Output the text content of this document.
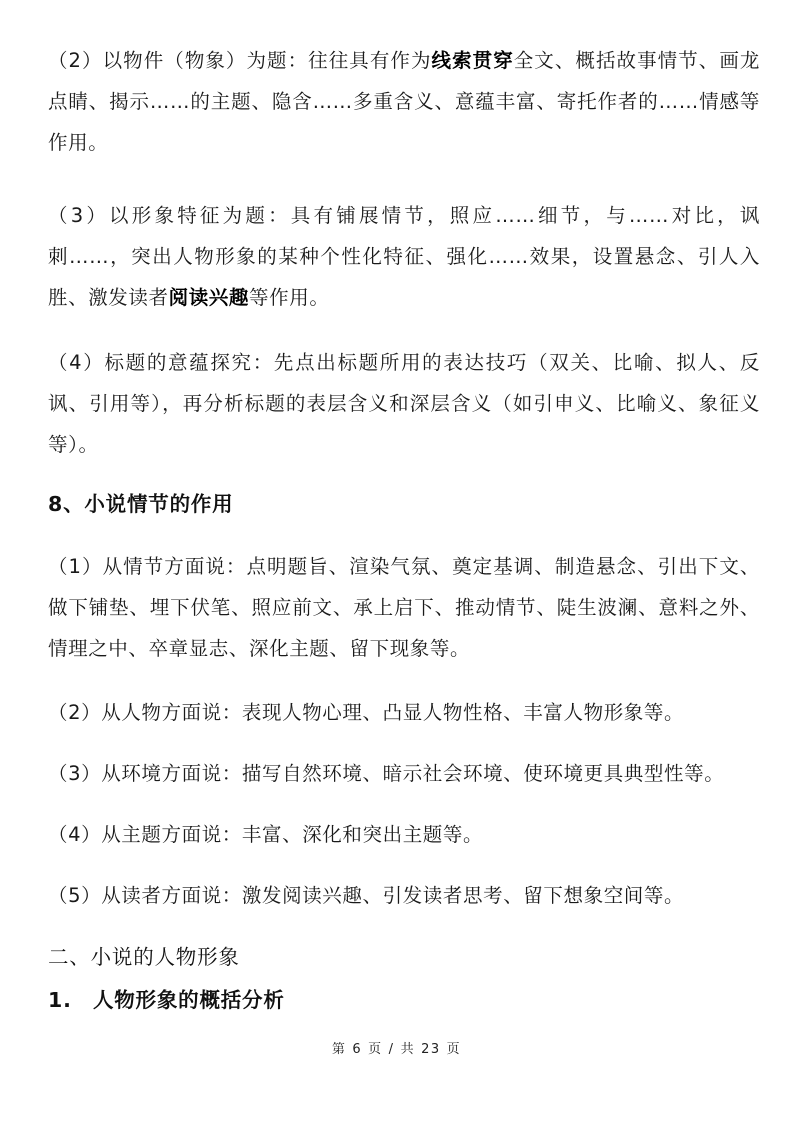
（2）以物件（物象）为题：往往具有作为线索贯穿全文、概括故事情节、画龙点睛、揭示……的主题、隐含……多重含义、意蕴丰富、寄托作者的……情感等作用。

（3）以形象特征为题：具有铺展情节，照应……细节，与……对比，讽刺……，突出人物形象的某种个性化特征、强化……效果，设置悬念、引人入胜、激发读者阅读兴趣等作用。

（4）标题的意蕴探究：先点出标题所用的表达技巧（双关、比喻、拟人、反讽、引用等），再分析标题的表层含义和深层含义（如引申义、比喻义、象征义等）。

8、小说情节的作用

（1）从情节方面说：点明题旨、渲染气氛、奠定基调、制造悬念、引出下文、做下铺垫、埋下伏笔、照应前文、承上启下、推动情节、陡生波澜、意料之外、情理之中、卒章显志、深化主题、留下现象等。

（2）从人物方面说：表现人物心理、凸显人物性格、丰富人物形象等。

（3）从环境方面说：描写自然环境、暗示社会环境、使环境更具典型性等。

（4）从主题方面说：丰富、深化和突出主题等。

（5）从读者方面说：激发阅读兴趣、引发读者思考、留下想象空间等。

二、小说的人物形象
1.　人物形象的概括分析
第 6 页 / 共 23 页
